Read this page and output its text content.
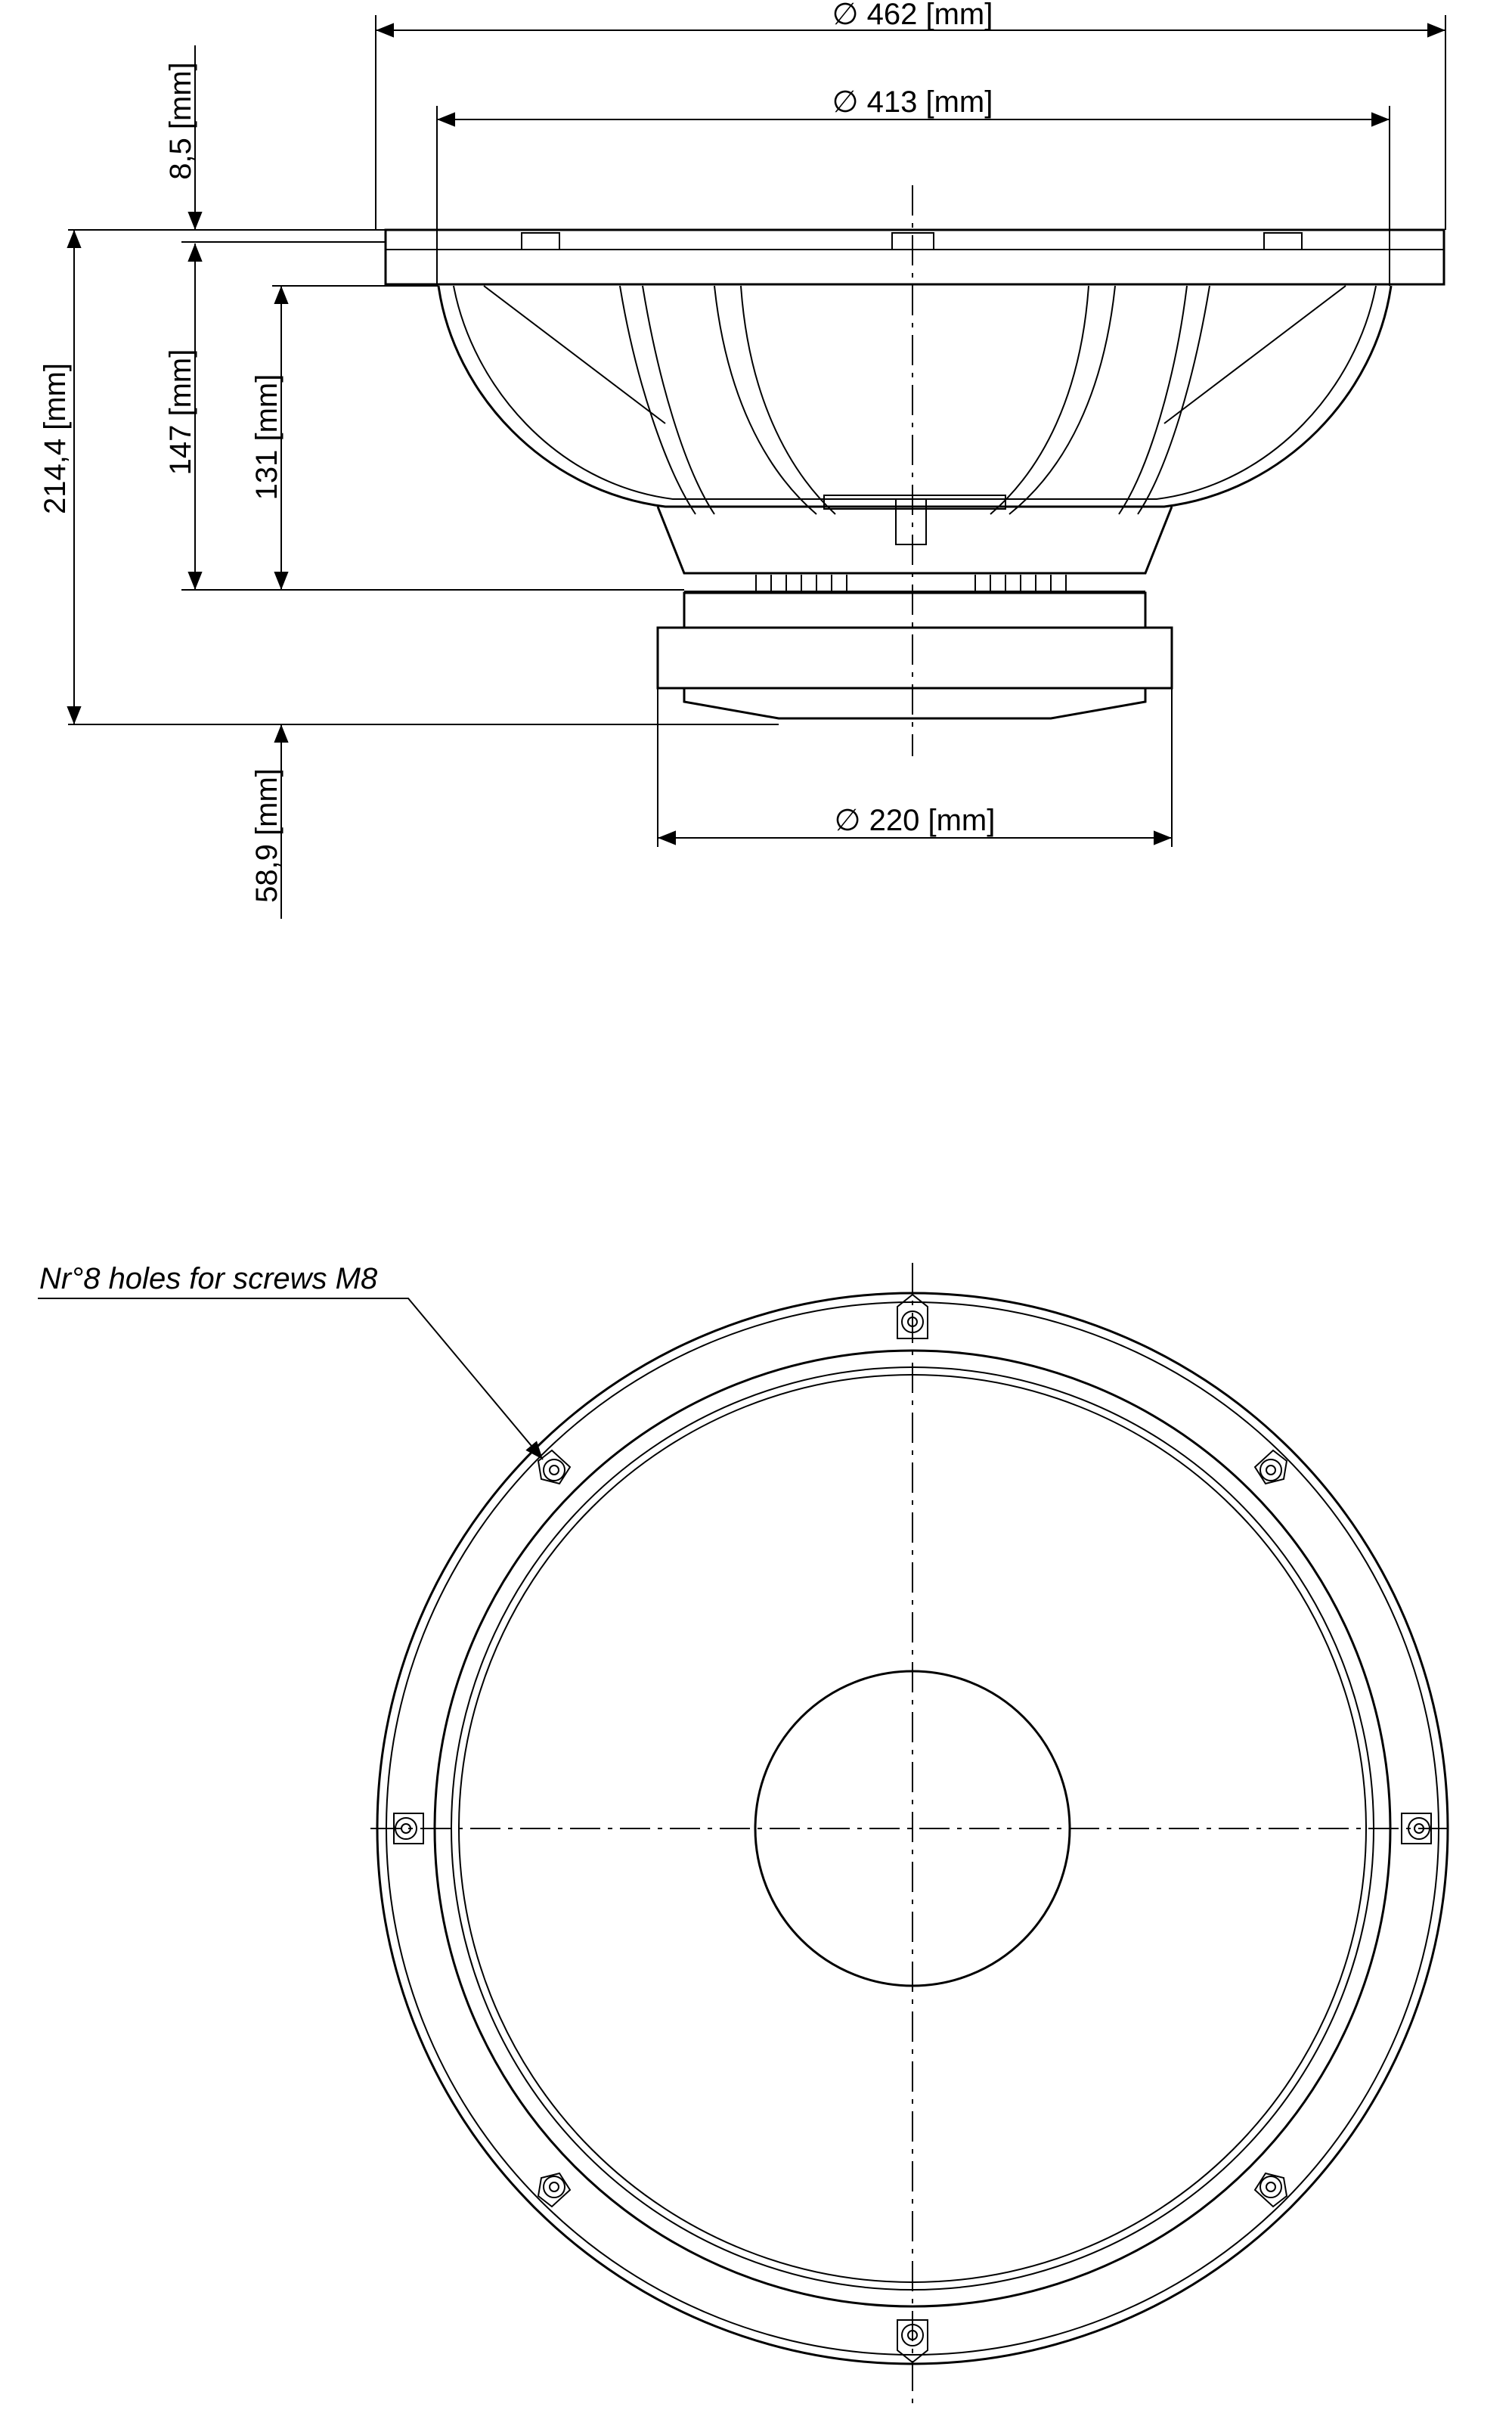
∅ 462 [mm]
∅ 413 [mm]
8,5 [mm]
214,4 [mm]	147 [mm] 131 [mm]
58,9 [mm]	∅ 220 [mm]
Nr°8 holes for screws M8
